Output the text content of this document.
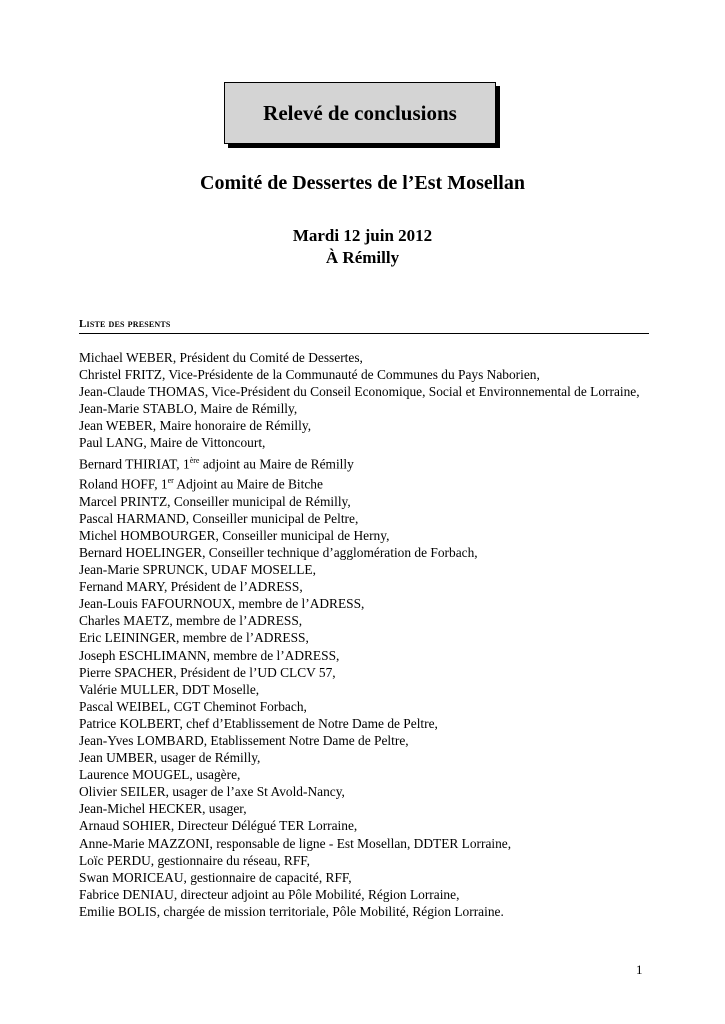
Relevé de conclusions
Comité de Dessertes de l’Est Mosellan
Mardi 12 juin 2012
À Rémilly
Liste des presents
Michael WEBER, Président du Comité de Dessertes,
Christel FRITZ, Vice-Présidente de la Communauté de Communes du Pays Naborien,
Jean-Claude THOMAS, Vice-Président du Conseil Economique, Social et Environnemental de Lorraine,
Jean-Marie STABLO, Maire de Rémilly,
Jean WEBER, Maire honoraire de Rémilly,
Paul LANG, Maire de Vittoncourt,
Bernard THIRIAT, 1ère adjoint au Maire de Rémilly
Roland HOFF, 1er Adjoint au Maire de Bitche
Marcel PRINTZ, Conseiller municipal de Rémilly,
Pascal HARMAND, Conseiller municipal de Peltre,
Michel HOMBOURGER, Conseiller municipal de Herny,
Bernard HOELINGER, Conseiller technique d’agglomération de Forbach,
Jean-Marie SPRUNCK, UDAF MOSELLE,
Fernand MARY, Président de l’ADRESS,
Jean-Louis FAFOURNOUX, membre de l’ADRESS,
Charles MAETZ, membre de l’ADRESS,
Eric LEININGER, membre de l’ADRESS,
Joseph ESCHLIMANN, membre de l’ADRESS,
Pierre SPACHER, Président de l’UD CLCV 57,
Valérie MULLER, DDT Moselle,
Pascal WEIBEL, CGT Cheminot Forbach,
Patrice KOLBERT, chef d’Etablissement de Notre Dame de Peltre,
Jean-Yves LOMBARD, Etablissement Notre Dame de Peltre,
Jean UMBER, usager de Rémilly,
Laurence MOUGEL, usagère,
Olivier SEILER, usager de l’axe St Avold-Nancy,
Jean-Michel HECKER, usager,
Arnaud SOHIER, Directeur Délégué TER Lorraine,
Anne-Marie MAZZONI, responsable de ligne - Est Mosellan, DDTER Lorraine,
Loïc PERDU, gestionnaire du réseau, RFF,
Swan MORICEAU, gestionnaire de capacité, RFF,
Fabrice DENIAU, directeur adjoint au Pôle Mobilité, Région Lorraine,
Emilie BOLIS, chargée de mission territoriale, Pôle Mobilité, Région Lorraine.
1
